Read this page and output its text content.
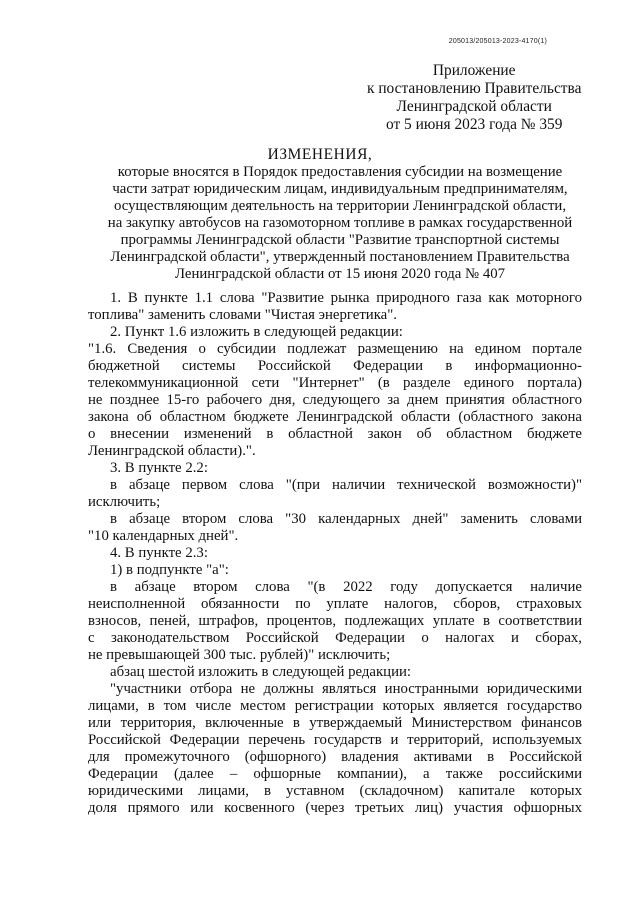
205013/205013-2023-4170(1)
Приложение
к постановлению Правительства
Ленинградской области
от 5 июня 2023 года № 359
ИЗМЕНЕНИЯ,
которые вносятся в Порядок предоставления субсидии на возмещение
части затрат юридическим лицам, индивидуальным предпринимателям,
осуществляющим деятельность на территории Ленинградской области,
на закупку автобусов на газомоторном топливе в рамках государственной
программы Ленинградской области "Развитие транспортной системы
Ленинградской области", утвержденный постановлением Правительства
Ленинградской области от 15 июня 2020 года № 407
1. В пункте 1.1 слова "Развитие рынка природного газа как моторного
топлива" заменить словами "Чистая энергетика".
2. Пункт 1.6 изложить в следующей редакции:
"1.6. Сведения о субсидии подлежат размещению на едином портале
бюджетной системы Российской Федерации в информационно-
телекоммуникационной сети "Интернет" (в разделе единого портала)
не позднее 15-го рабочего дня, следующего за днем принятия областного
закона об областном бюджете Ленинградской области (областного закона
о внесении изменений в областной закон об областном бюджете
Ленинградской области).".
3. В пункте 2.2:
в абзаце первом слова "(при наличии технической возможности)"
исключить;
в абзаце втором слова "30 календарных дней" заменить словами
"10 календарных дней".
4. В пункте 2.3:
1) в подпункте "а":
в абзаце втором слова "(в 2022 году допускается наличие
неисполненной обязанности по уплате налогов, сборов, страховых
взносов, пеней, штрафов, процентов, подлежащих уплате в соответствии
с законодательством Российской Федерации о налогах и сборах,
не превышающей 300 тыс. рублей)" исключить;
абзац шестой изложить в следующей редакции:
"участники отбора не должны являться иностранными юридическими
лицами, в том числе местом регистрации которых является государство
или территория, включенные в утверждаемый Министерством финансов
Российской Федерации перечень государств и территорий, используемых
для промежуточного (офшорного) владения активами в Российской
Федерации (далее – офшорные компании), а также российскими
юридическими лицами, в уставном (складочном) капитале которых
доля прямого или косвенного (через третьих лиц) участия офшорных
